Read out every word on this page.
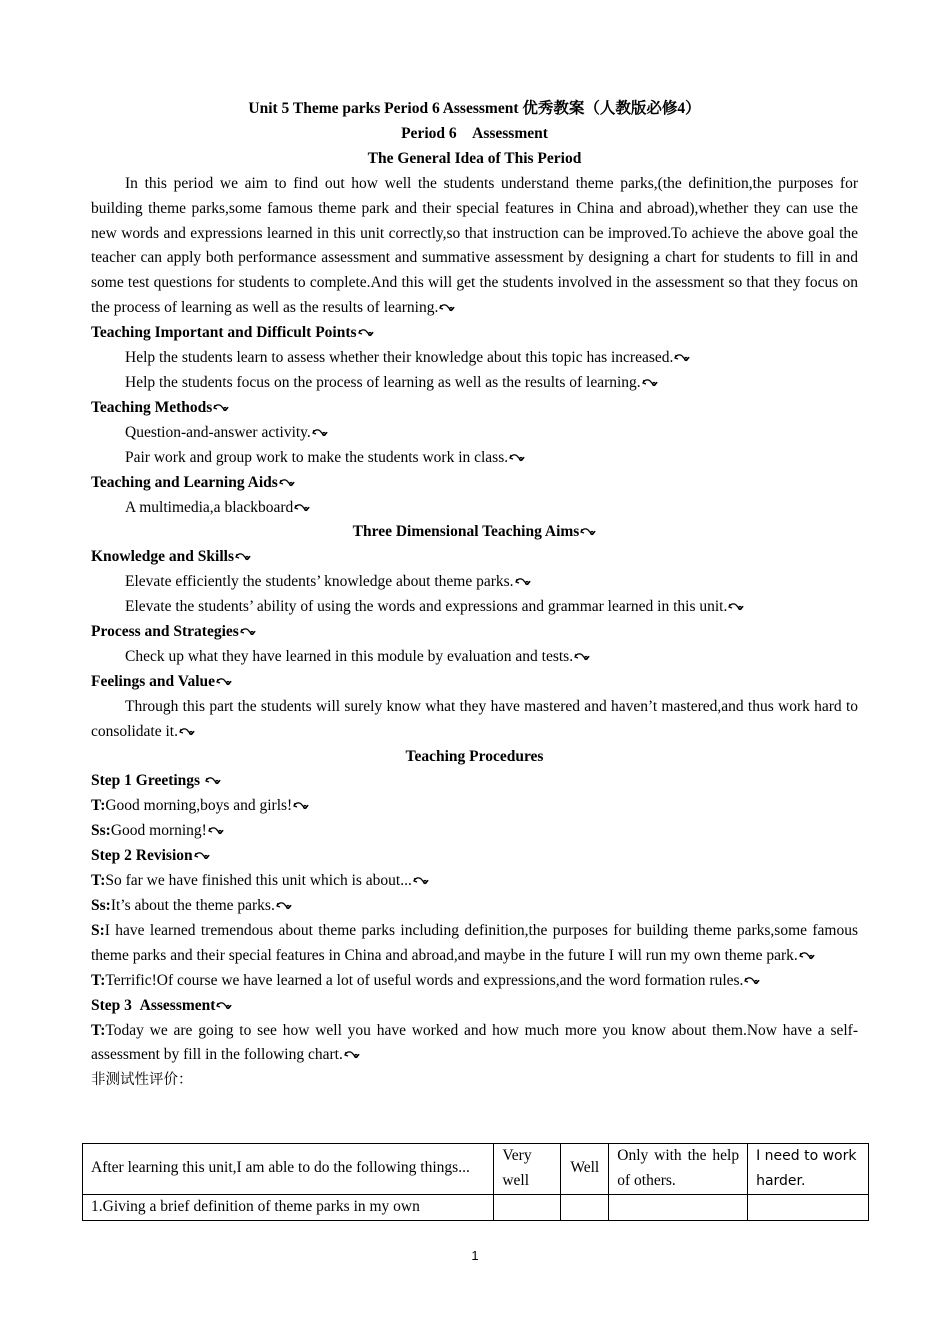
Unit 5 Theme parks Period 6 Assessment 优秀教案（人教版必修4）
Period 6　Assessment
The General Idea of This Period
In this period we aim to find out how well the students understand theme parks,(the definition,the purposes for building theme parks,some famous theme park and their special features in China and abroad),whether they can use the new words and expressions learned in this unit correctly,so that instruction can be improved.To achieve the above goal the teacher can apply both performance assessment and summative assessment by designing a chart for students to fill in and some test questions for students to complete.And this will get the students involved in the assessment so that they focus on the process of learning as well as the results of learning.
Teaching Important and Difficult Points
Help the students learn to assess whether their knowledge about this topic has increased.
Help the students focus on the process of learning as well as the results of learning.
Teaching Methods
Question-and-answer activity.
Pair work and group work to make the students work in class.
Teaching and Learning Aids
A multimedia,a blackboard
Three Dimensional Teaching Aims
Knowledge and Skills
Elevate efficiently the students’ knowledge about theme parks.
Elevate the students’ ability of using the words and expressions and grammar learned in this unit.
Process and Strategies
Check up what they have learned in this module by evaluation and tests.
Feelings and Value
Through this part the students will surely know what they have mastered and haven’t mastered,and thus work hard to consolidate it.
Teaching Procedures
Step 1 Greetings
T:Good morning,boys and girls!
Ss:Good morning!
Step 2 Revision
T:So far we have finished this unit which is about...
Ss:It’s about the theme parks.
S:I have learned tremendous about theme parks including definition,the purposes for building theme parks,some famous theme parks and their special features in China and abroad,and maybe in the future I will run my own theme park.
T:Terrific!Of course we have learned a lot of useful words and expressions,and the word formation rules.
Step 3 Assessment
T:Today we are going to see how well you have worked and how much more you know about them.Now have a self-assessment by fill in the following chart.
非测试性评价：
After learning this unit,I am able to do the following things...	Very well	Well	Only with the help of others.	I need to work harder.
1.Giving a brief definition of theme parks in my own				
1
